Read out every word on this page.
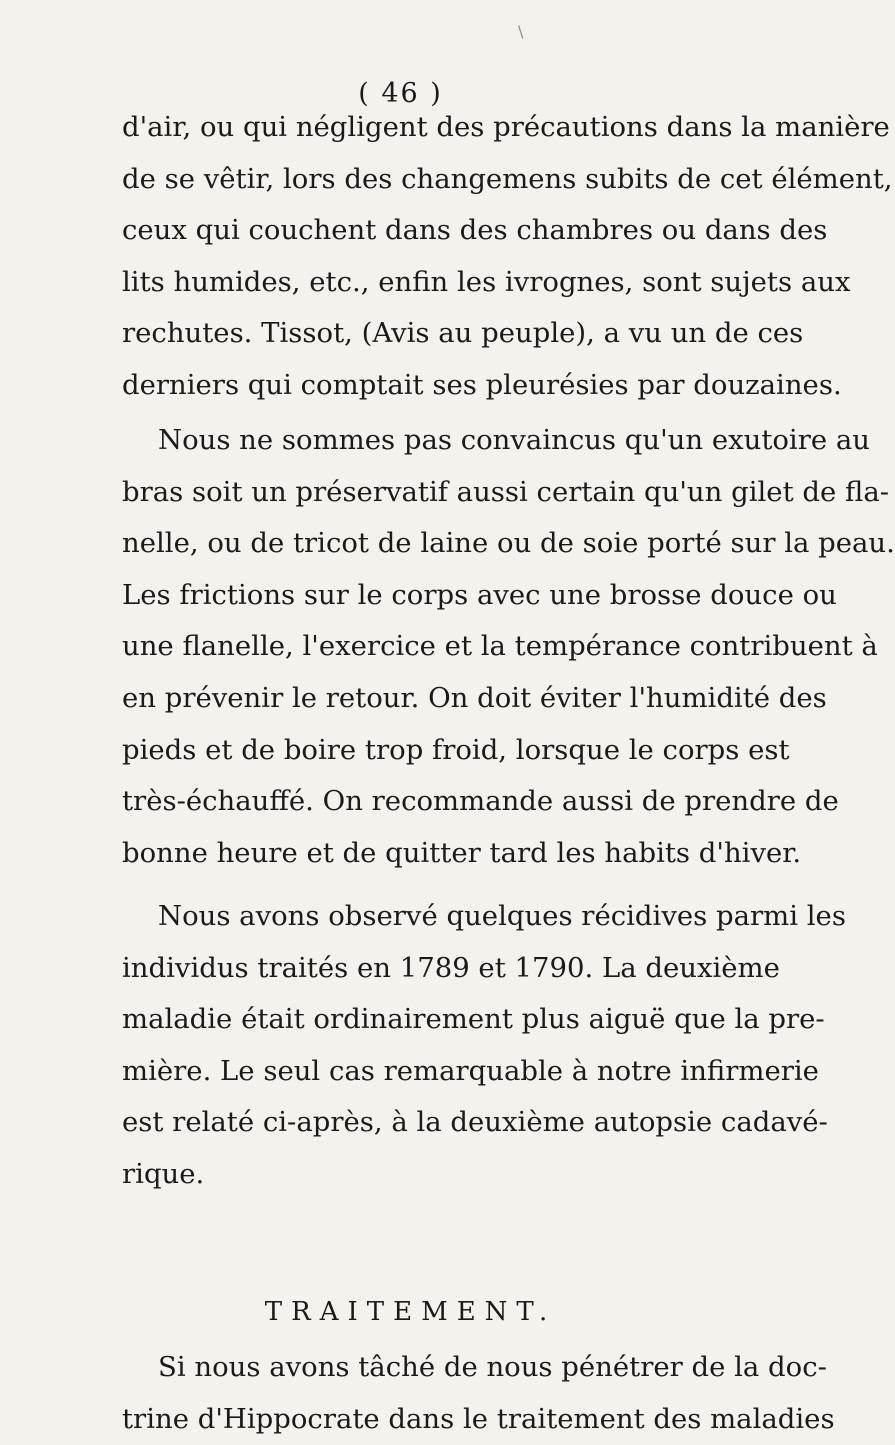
\
( 46 )
d'air, ou qui négligent des précautions dans la manière
de se vêtir, lors des changemens subits de cet élément,
ceux qui couchent dans des chambres ou dans des
lits humides, etc., enfin les ivrognes, sont sujets aux
rechutes. Tissot, (Avis au peuple), a vu un de ces
derniers qui comptait ses pleurésies par douzaines.
Nous ne sommes pas convaincus qu'un exutoire au
bras soit un préservatif aussi certain qu'un gilet de fla-
nelle, ou de tricot de laine ou de soie porté sur la peau.
Les frictions sur le corps avec une brosse douce ou
une flanelle, l'exercice et la tempérance contribuent à
en prévenir le retour. On doit éviter l'humidité des
pieds et de boire trop froid, lorsque le corps est
très-échauffé. On recommande aussi de prendre de
bonne heure et de quitter tard les habits d'hiver.
Nous avons observé quelques récidives parmi les
individus traités en 1789 et 1790. La deuxième
maladie était ordinairement plus aiguë que la pre-
mière. Le seul cas remarquable à notre infirmerie
est relaté ci-après, à la deuxième autopsie cadavé-
rique.
TRAITEMENT.
Si nous avons tâché de nous pénétrer de la doc-
trine d'Hippocrate dans le traitement des maladies
